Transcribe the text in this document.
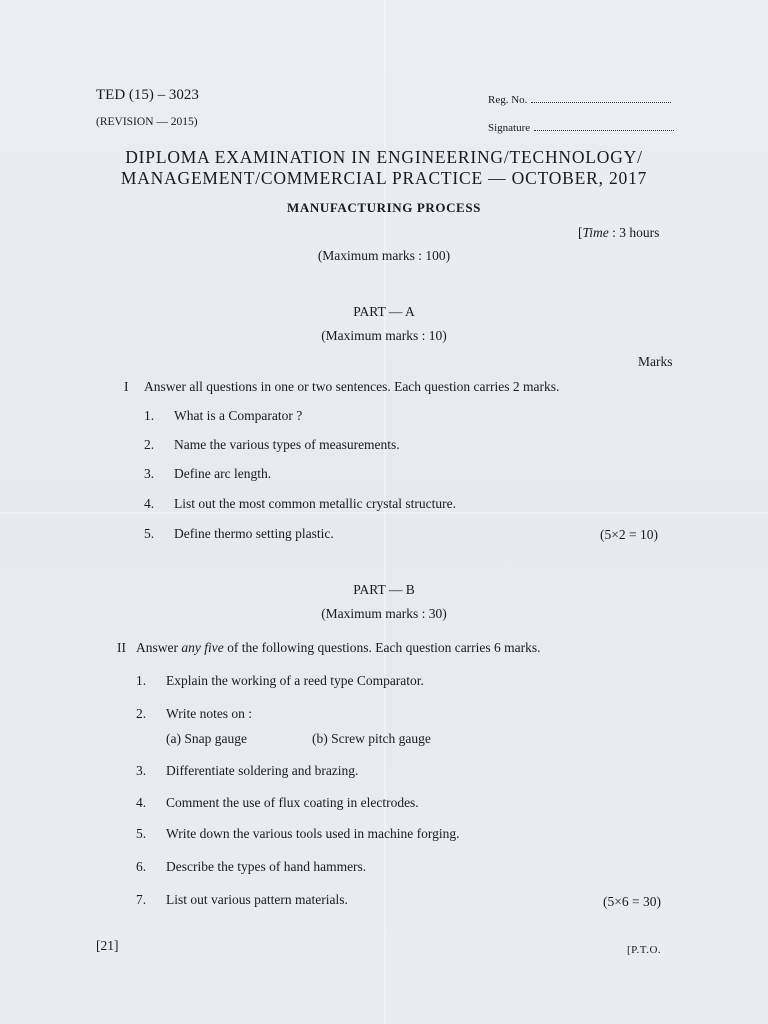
TED (15) – 3023
(REVISION — 2015)
Reg. No.
Signature
DIPLOMA EXAMINATION IN ENGINEERING/TECHNOLOGY/
MANAGEMENT/COMMERCIAL PRACTICE — OCTOBER, 2017
MANUFACTURING PROCESS
[Time : 3 hours
(Maximum marks : 100)
PART — A
(Maximum marks : 10)
Marks
I Answer all questions in one or two sentences. Each question carries 2 marks.
1. What is a Comparator ?
2. Name the various types of measurements.
3. Define arc length.
4. List out the most common metallic crystal structure.
5. Define thermo setting plastic.	(5×2 = 10)
PART — B
(Maximum marks : 30)
II Answer any five of the following questions. Each question carries 6 marks.
1. Explain the working of a reed type Comparator.
2. Write notes on :
(a) Snap gauge	(b) Screw pitch gauge
3. Differentiate soldering and brazing.
4. Comment the use of flux coating in electrodes.
5. Write down the various tools used in machine forging.
6. Describe the types of hand hammers.
7. List out various pattern materials.	(5×6 = 30)
[21]	[P.T.O.
